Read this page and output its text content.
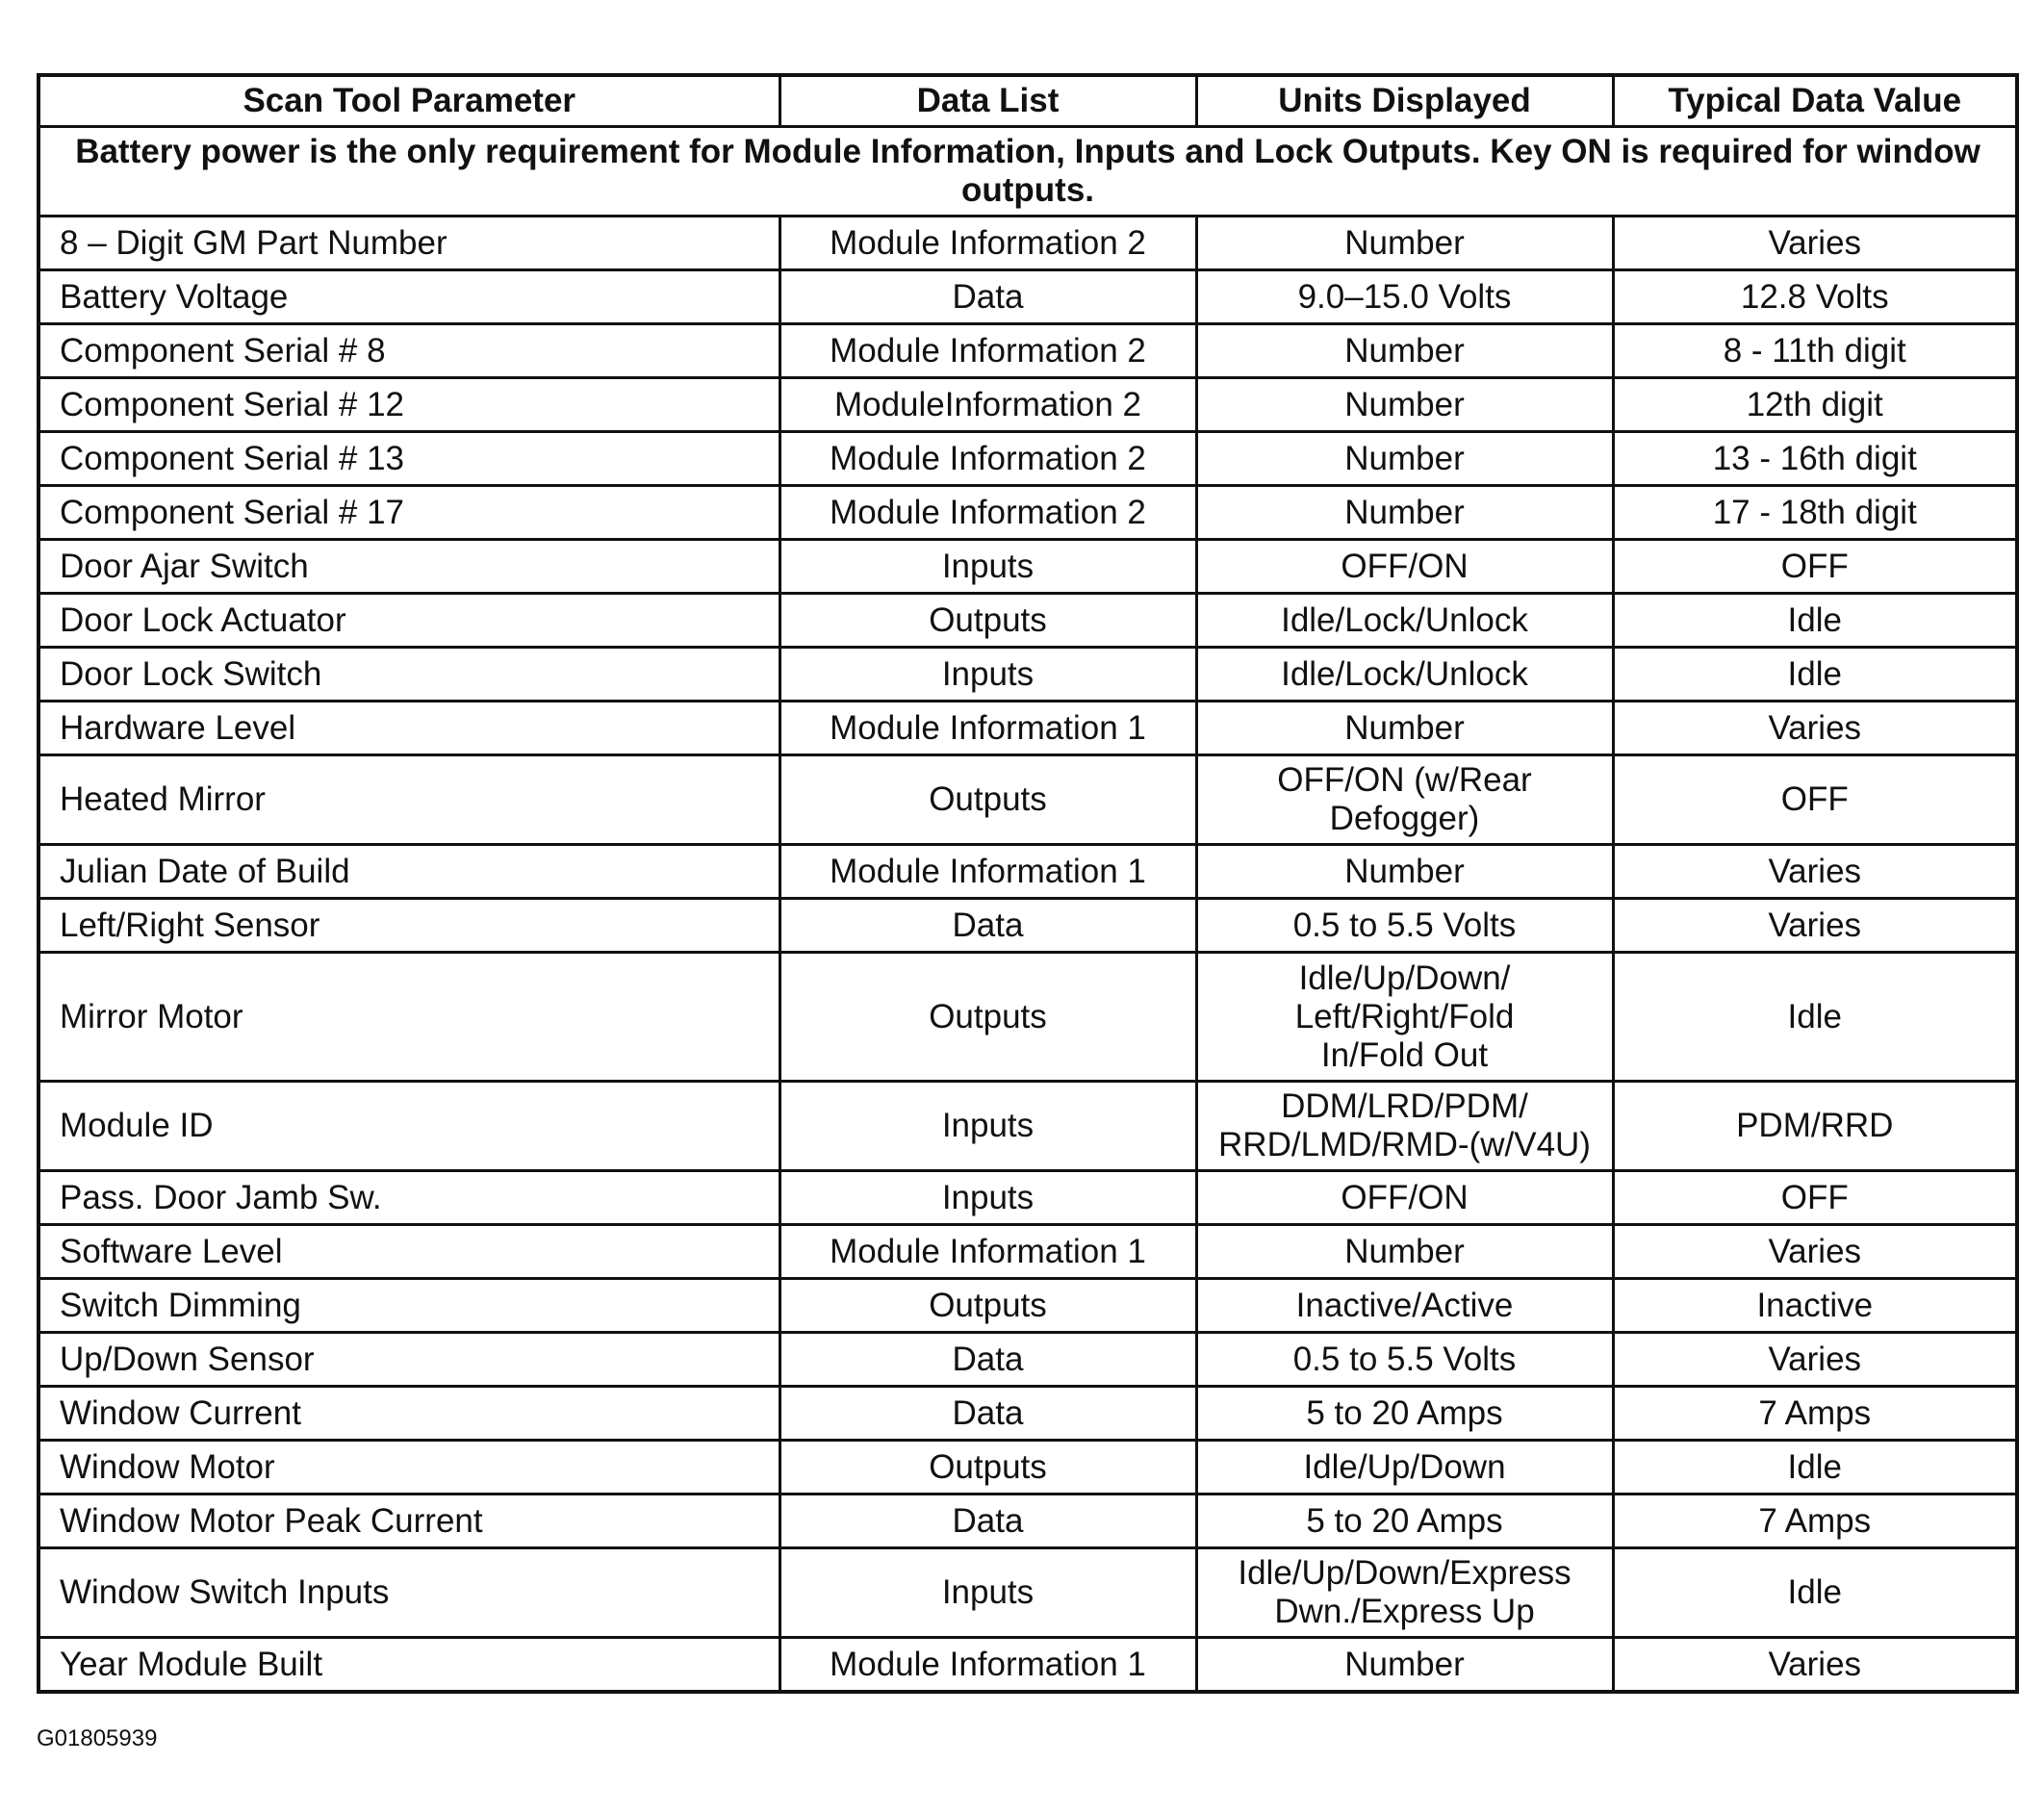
Scan Tool Parameter	Data List	Units Displayed	Typical Data Value
Battery power is the only requirement for Module Information, Inputs and Lock Outputs. Key ON is required for window outputs.			
8 – Digit GM Part Number	Module Information 2	Number	Varies
Battery Voltage	Data	9.0–15.0 Volts	12.8 Volts
Component Serial # 8	Module Information 2	Number	8 - 11th digit
Component Serial # 12	ModuleInformation 2	Number	12th digit
Component Serial # 13	Module Information 2	Number	13 - 16th digit
Component Serial # 17	Module Information 2	Number	17 - 18th digit
Door Ajar Switch	Inputs	OFF/ON	OFF
Door Lock Actuator	Outputs	Idle/Lock/Unlock	Idle
Door Lock Switch	Inputs	Idle/Lock/Unlock	Idle
Hardware Level	Module Information 1	Number	Varies
Heated Mirror	Outputs	OFF/ON (w/Rear
Defogger)	OFF
Julian Date of Build	Module Information 1	Number	Varies
Left/Right Sensor	Data	0.5 to 5.5 Volts	Varies
Mirror Motor	Outputs	Idle/Up/Down/
Left/Right/Fold
In/Fold Out	Idle
Module ID	Inputs	DDM/LRD/PDM/
RRD/LMD/RMD-(w/V4U)	PDM/RRD
Pass. Door Jamb Sw.	Inputs	OFF/ON	OFF
Software Level	Module Information 1	Number	Varies
Switch Dimming	Outputs	Inactive/Active	Inactive
Up/Down Sensor	Data	0.5 to 5.5 Volts	Varies
Window Current	Data	5 to 20 Amps	7 Amps
Window Motor	Outputs	Idle/Up/Down	Idle
Window Motor Peak Current	Data	5 to 20 Amps	7 Amps
Window Switch Inputs	Inputs	Idle/Up/Down/Express
Dwn./Express Up	Idle
Year Module Built	Module Information 1	Number	Varies
G01805939
